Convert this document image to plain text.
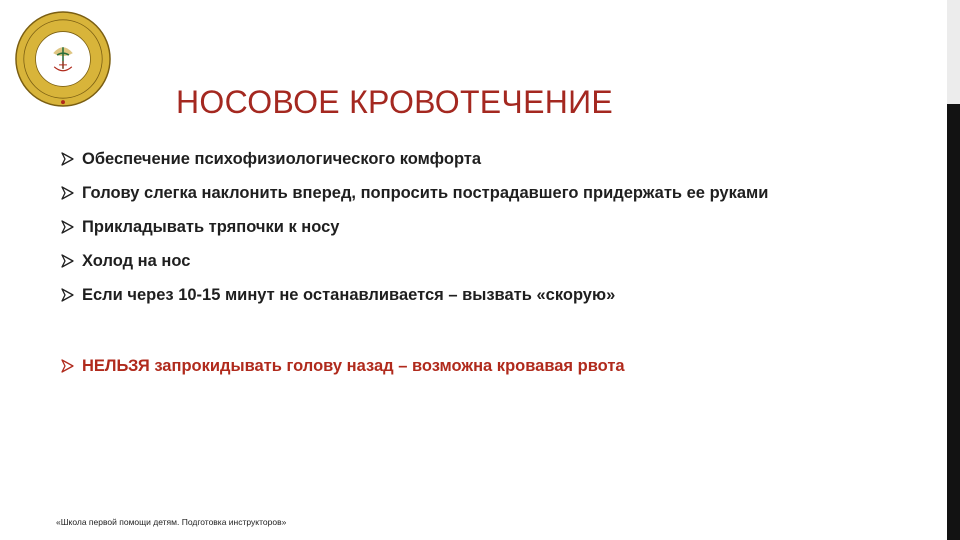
НОСОВОЕ КРОВОТЕЧЕНИЕ
Обеспечение психофизиологического комфорта
Голову слегка наклонить вперед, попросить пострадавшего придержать ее руками
Прикладывать тряпочки к носу
Холод на нос
Если через 10-15 минут не останавливается – вызвать «скорую»
НЕЛЬЗЯ запрокидывать голову назад – возможна кровавая рвота
«Школа первой помощи детям. Подготовка инструкторов»
